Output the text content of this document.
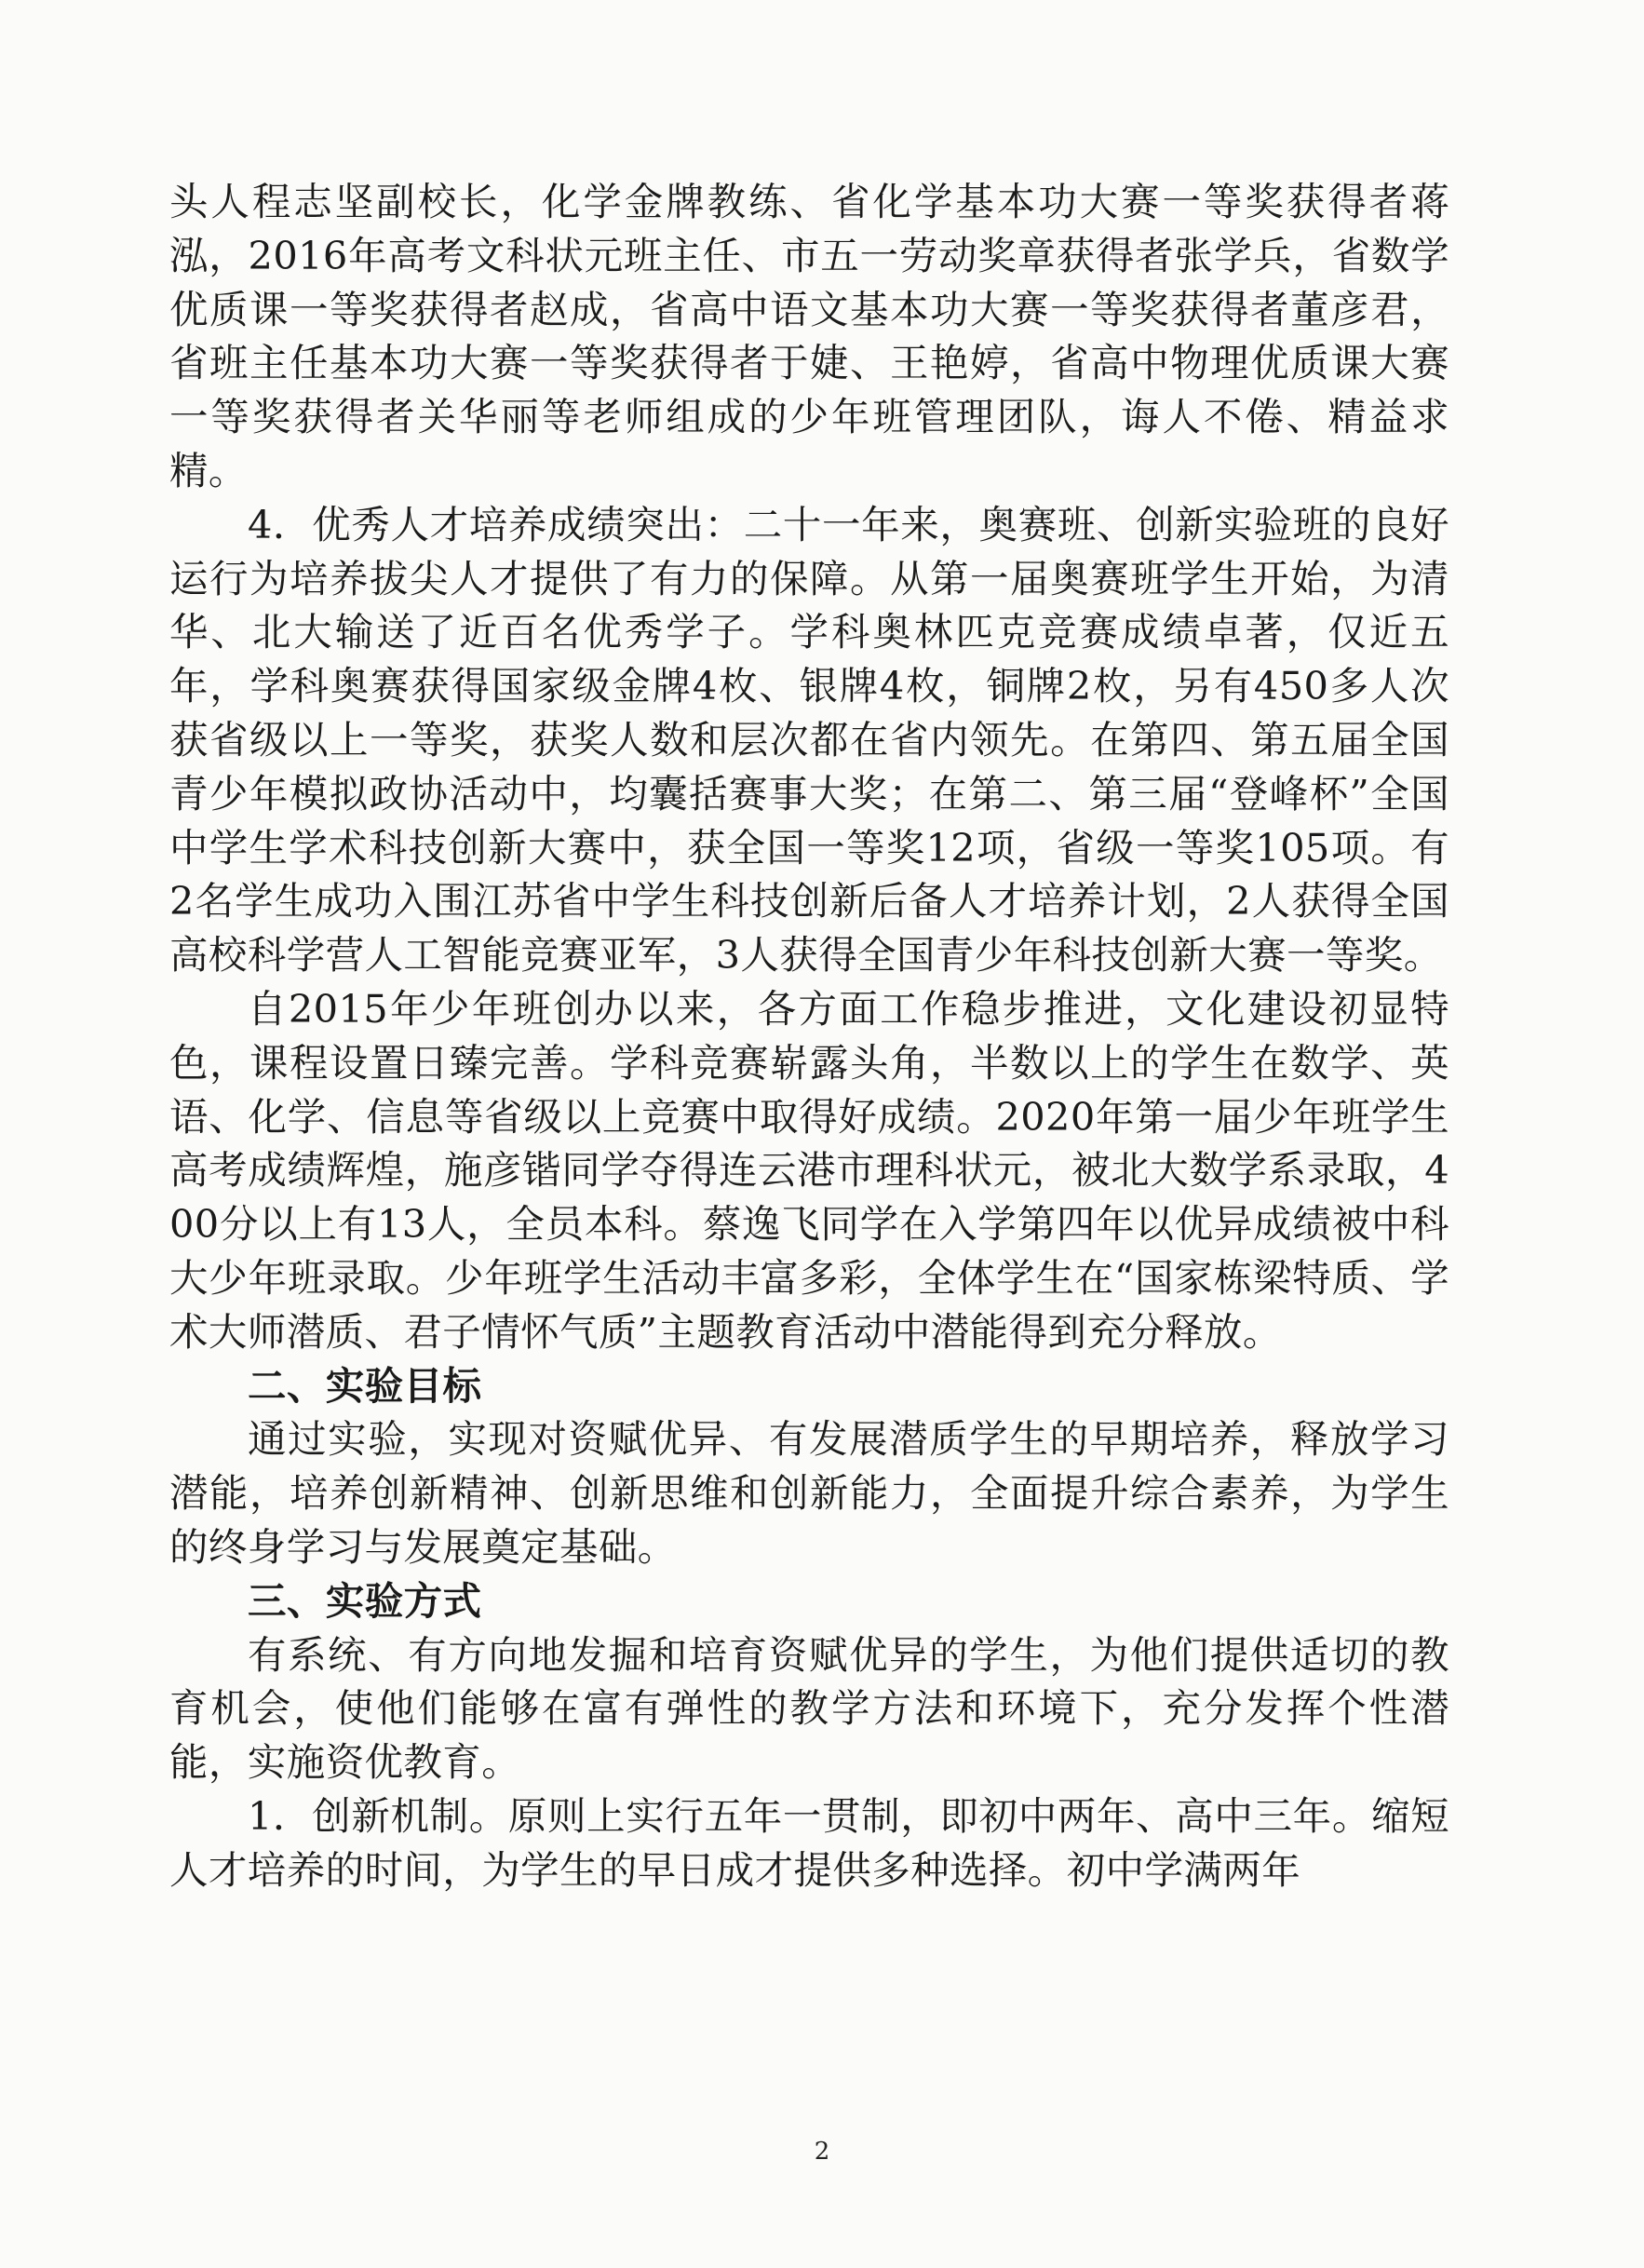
头人程志坚副校长，化学金牌教练、省化学基本功大赛一等奖获得者蒋泓，2016年高考文科状元班主任、市五一劳动奖章获得者张学兵，省数学优质课一等奖获得者赵成，省高中语文基本功大赛一等奖获得者董彦君，省班主任基本功大赛一等奖获得者于婕、王艳婷，省高中物理优质课大赛一等奖获得者关华丽等老师组成的少年班管理团队，诲人不倦、精益求精。

4．优秀人才培养成绩突出：二十一年来，奥赛班、创新实验班的良好运行为培养拔尖人才提供了有力的保障。从第一届奥赛班学生开始，为清华、北大输送了近百名优秀学子。学科奥林匹克竞赛成绩卓著，仅近五年，学科奥赛获得国家级金牌4枚、银牌4枚，铜牌2枚，另有450多人次获省级以上一等奖，获奖人数和层次都在省内领先。在第四、第五届全国青少年模拟政协活动中，均囊括赛事大奖；在第二、第三届“登峰杯”全国中学生学术科技创新大赛中，获全国一等奖12项，省级一等奖105项。有2名学生成功入围江苏省中学生科技创新后备人才培养计划，2人获得全国高校科学营人工智能竞赛亚军，3人获得全国青少年科技创新大赛一等奖。

自2015年少年班创办以来，各方面工作稳步推进，文化建设初显特色，课程设置日臻完善。学科竞赛崭露头角，半数以上的学生在数学、英语、化学、信息等省级以上竞赛中取得好成绩。2020年第一届少年班学生高考成绩辉煌，施彦锴同学夺得连云港市理科状元，被北大数学系录取，400分以上有13人，全员本科。蔡逸飞同学在入学第四年以优异成绩被中科大少年班录取。少年班学生活动丰富多彩，全体学生在“国家栋梁特质、学术大师潜质、君子情怀气质”主题教育活动中潜能得到充分释放。

二、实验目标

通过实验，实现对资赋优异、有发展潜质学生的早期培养，释放学习潜能，培养创新精神、创新思维和创新能力，全面提升综合素养，为学生的终身学习与发展奠定基础。

三、实验方式

有系统、有方向地发掘和培育资赋优异的学生，为他们提供适切的教育机会，使他们能够在富有弹性的教学方法和环境下，充分发挥个性潜能，实施资优教育。

1．创新机制。原则上实行五年一贯制，即初中两年、高中三年。缩短人才培养的时间，为学生的早日成才提供多种选择。初中学满两年

2
